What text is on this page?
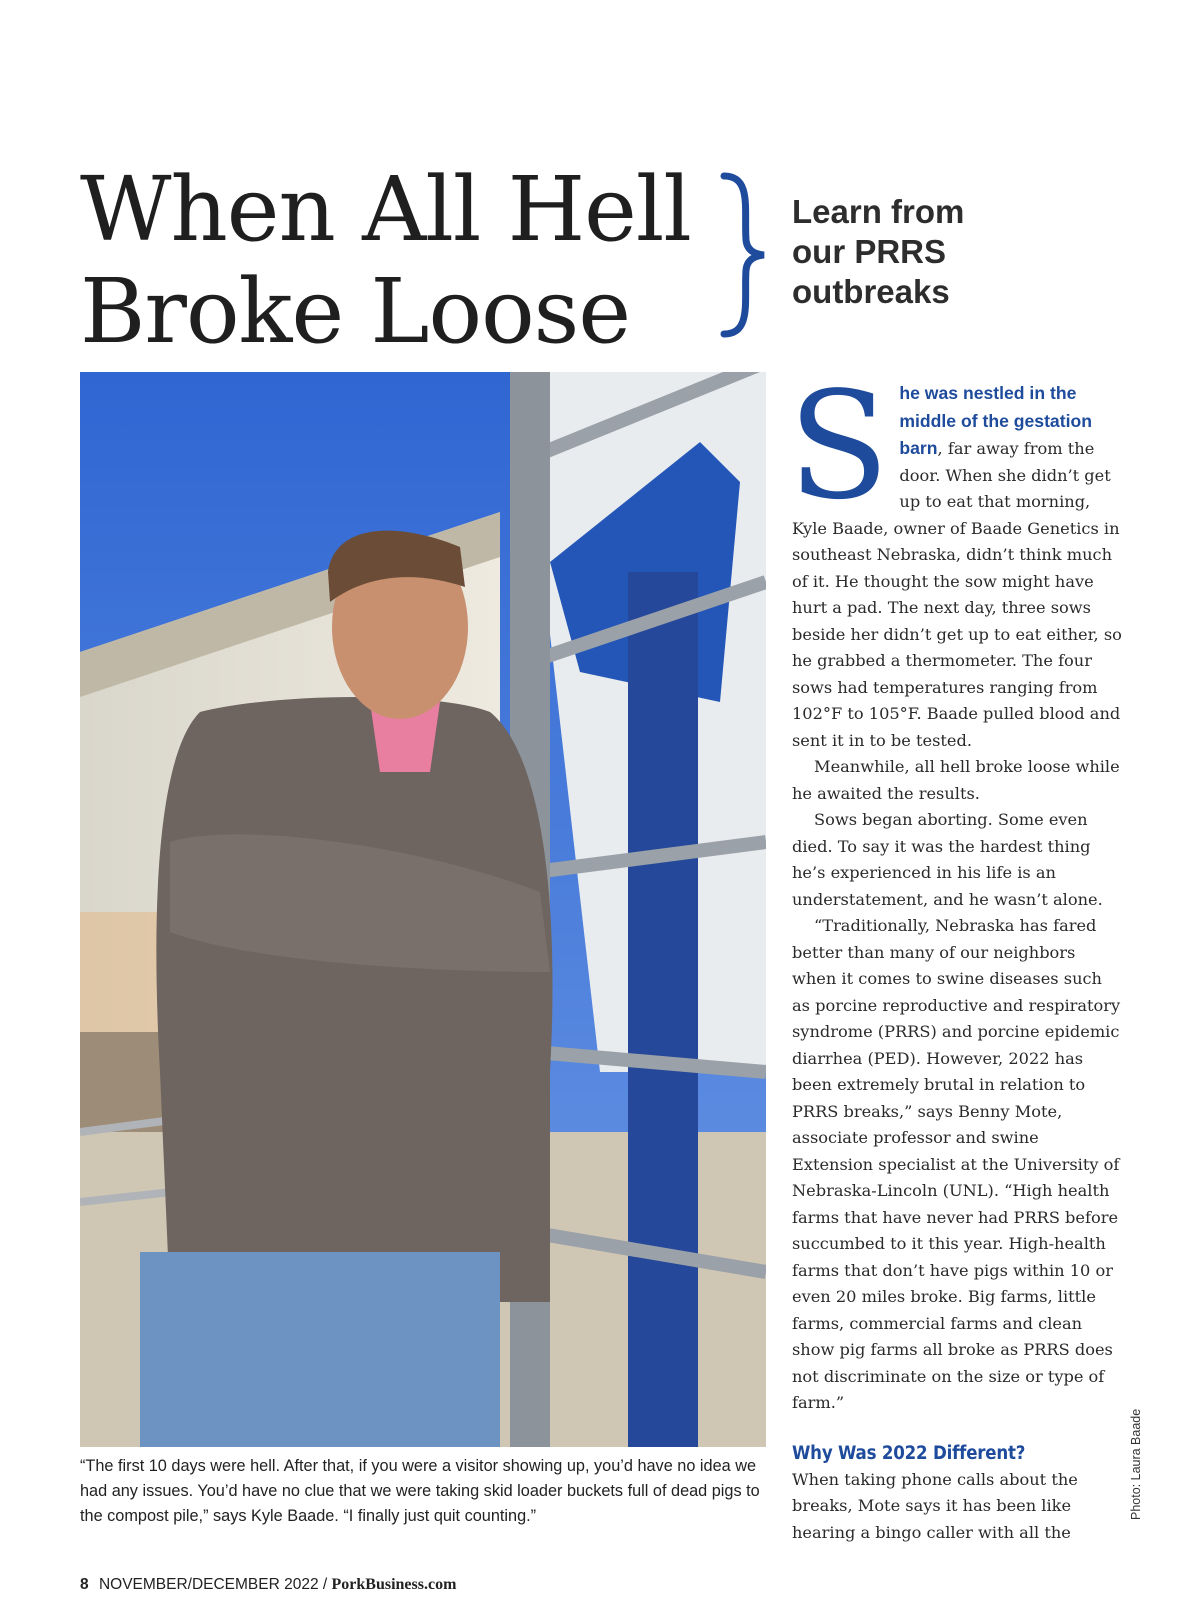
When All Hell
Broke Loose

Learn from our PRRS outbreaks

“The first 10 days were hell. After that, if you were a visitor showing up, you’d have no idea we had any issues. You’d have no clue that we were taking skid loader buckets full of dead pigs to the compost pile,” says Kyle Baade. “I finally just quit counting.”

She was nestled in the middle of the gestation barn, far away from the door. When she didn’t get up to eat that morning, Kyle Baade, owner of Baade Genetics in southeast Nebraska, didn’t think much of it. He thought the sow might have hurt a pad. The next day, three sows beside her didn’t get up to eat either, so he grabbed a thermometer. The four sows had temperatures ranging from 102°F to 105°F. Baade pulled blood and sent it in to be tested.

Meanwhile, all hell broke loose while he awaited the results.

Sows began aborting. Some even died. To say it was the hardest thing he’s experienced in his life is an understatement, and he wasn’t alone.

“Traditionally, Nebraska has fared better than many of our neighbors when it comes to swine diseases such as porcine reproductive and respiratory syndrome (PRRS) and porcine epidemic diarrhea (PED). However, 2022 has been extremely brutal in relation to PRRS breaks,” says Benny Mote, associate professor and swine Extension specialist at the University of Nebraska-Lincoln (UNL). “High health farms that have never had PRRS before succumbed to it this year. High-health farms that don’t have pigs within 10 or even 20 miles broke. Big farms, little farms, commercial farms and clean show pig farms all broke as PRRS does not discriminate on the size or type of farm.”

Why Was 2022 Different?

When taking phone calls about the breaks, Mote says it has been like hearing a bingo caller with all the

Photo: Laura Baade
8 NOVEMBER/DECEMBER 2022 / PorkBusiness.com
